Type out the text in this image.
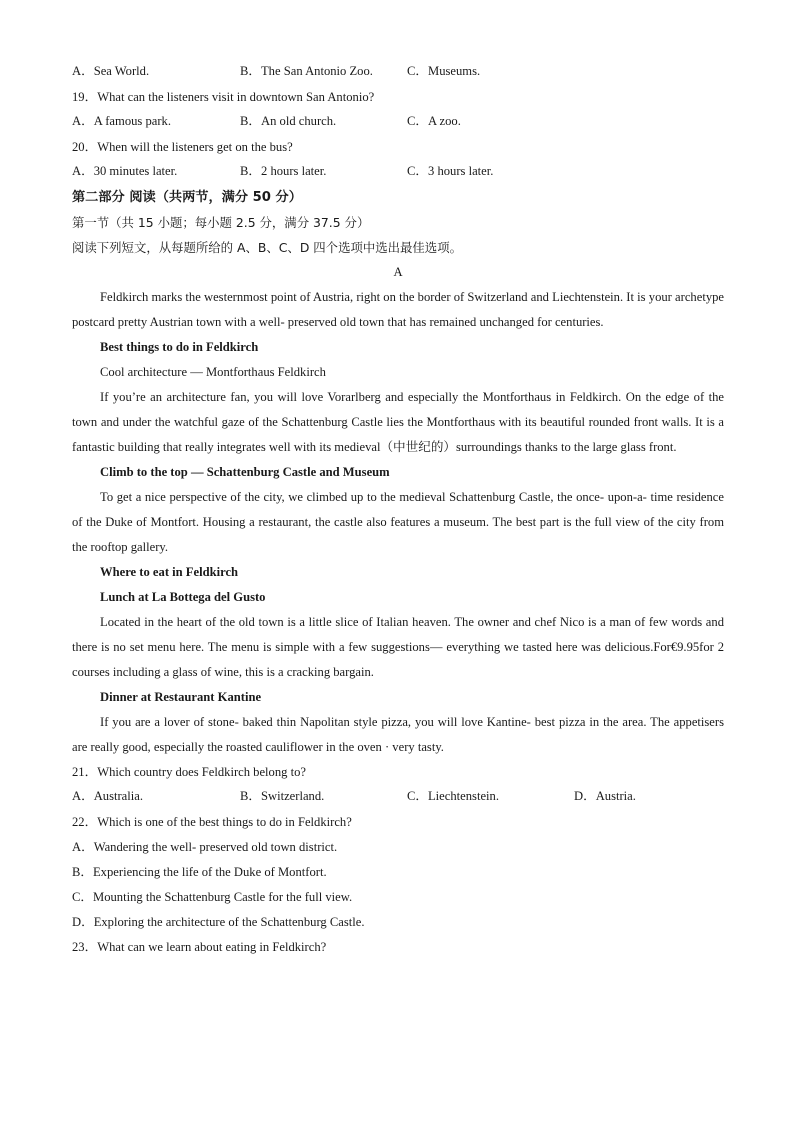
A．Sea World.	B．The San Antonio Zoo.	C．Museums.
19．What can the listeners visit in downtown San Antonio?
A．A famous park.	B．An old church.	C．A zoo.
20．When will the listeners get on the bus?
A．30 minutes later.	B．2 hours later.	C．3 hours later.
第二部分 阅读（共两节，满分 50 分）
第一节（共 15 小题；每小题 2.5 分，满分 37.5 分）
阅读下列短文，从每题所给的 A、B、C、D 四个选项中选出最佳选项。
A

Feldkirch marks the westernmost point of Austria, right on the border of Switzerland and Liechtenstein. It is your archetype postcard pretty Austrian town with a well- preserved old town that has remained unchanged for centuries.

Best things to do in Feldkirch
Cool architecture — Montforthaus Feldkirch

If you’re an architecture fan, you will love Vorarlberg and especially the Montforthaus in Feldkirch. On the edge of the town and under the watchful gaze of the Schattenburg Castle lies the Montforthaus with its beautiful rounded front walls. It is a fantastic building that really integrates well with its medieval（中世纪的）surroundings thanks to the large glass front.

Climb to the top — Schattenburg Castle and Museum

To get a nice perspective of the city, we climbed up to the medieval Schattenburg Castle, the once- upon-a- time residence of the Duke of Montfort. Housing a restaurant, the castle also features a museum. The best part is the full view of the city from the rooftop gallery.

Where to eat in Feldkirch
Lunch at La Bottega del Gusto

Located in the heart of the old town is a little slice of Italian heaven. The owner and chef Nico is a man of few words and there is no set menu here. The menu is simple with a few suggestions— everything we tasted here was delicious.For€9.95for 2 courses including a glass of wine, this is a cracking bargain.

Dinner at Restaurant Kantine

If you are a lover of stone- baked thin Napolitan style pizza, you will love Kantine- best pizza in the area. The appetisers are really good, especially the roasted cauliflower in the oven · very tasty.

21．Which country does Feldkirch belong to?
A．Australia.	B．Switzerland.	C．Liechtenstein.	D．Austria.
22．Which is one of the best things to do in Feldkirch?
A．Wandering the well- preserved old town district.
B．Experiencing the life of the Duke of Montfort.
C．Mounting the Schattenburg Castle for the full view.
D．Exploring the architecture of the Schattenburg Castle.
23．What can we learn about eating in Feldkirch?
